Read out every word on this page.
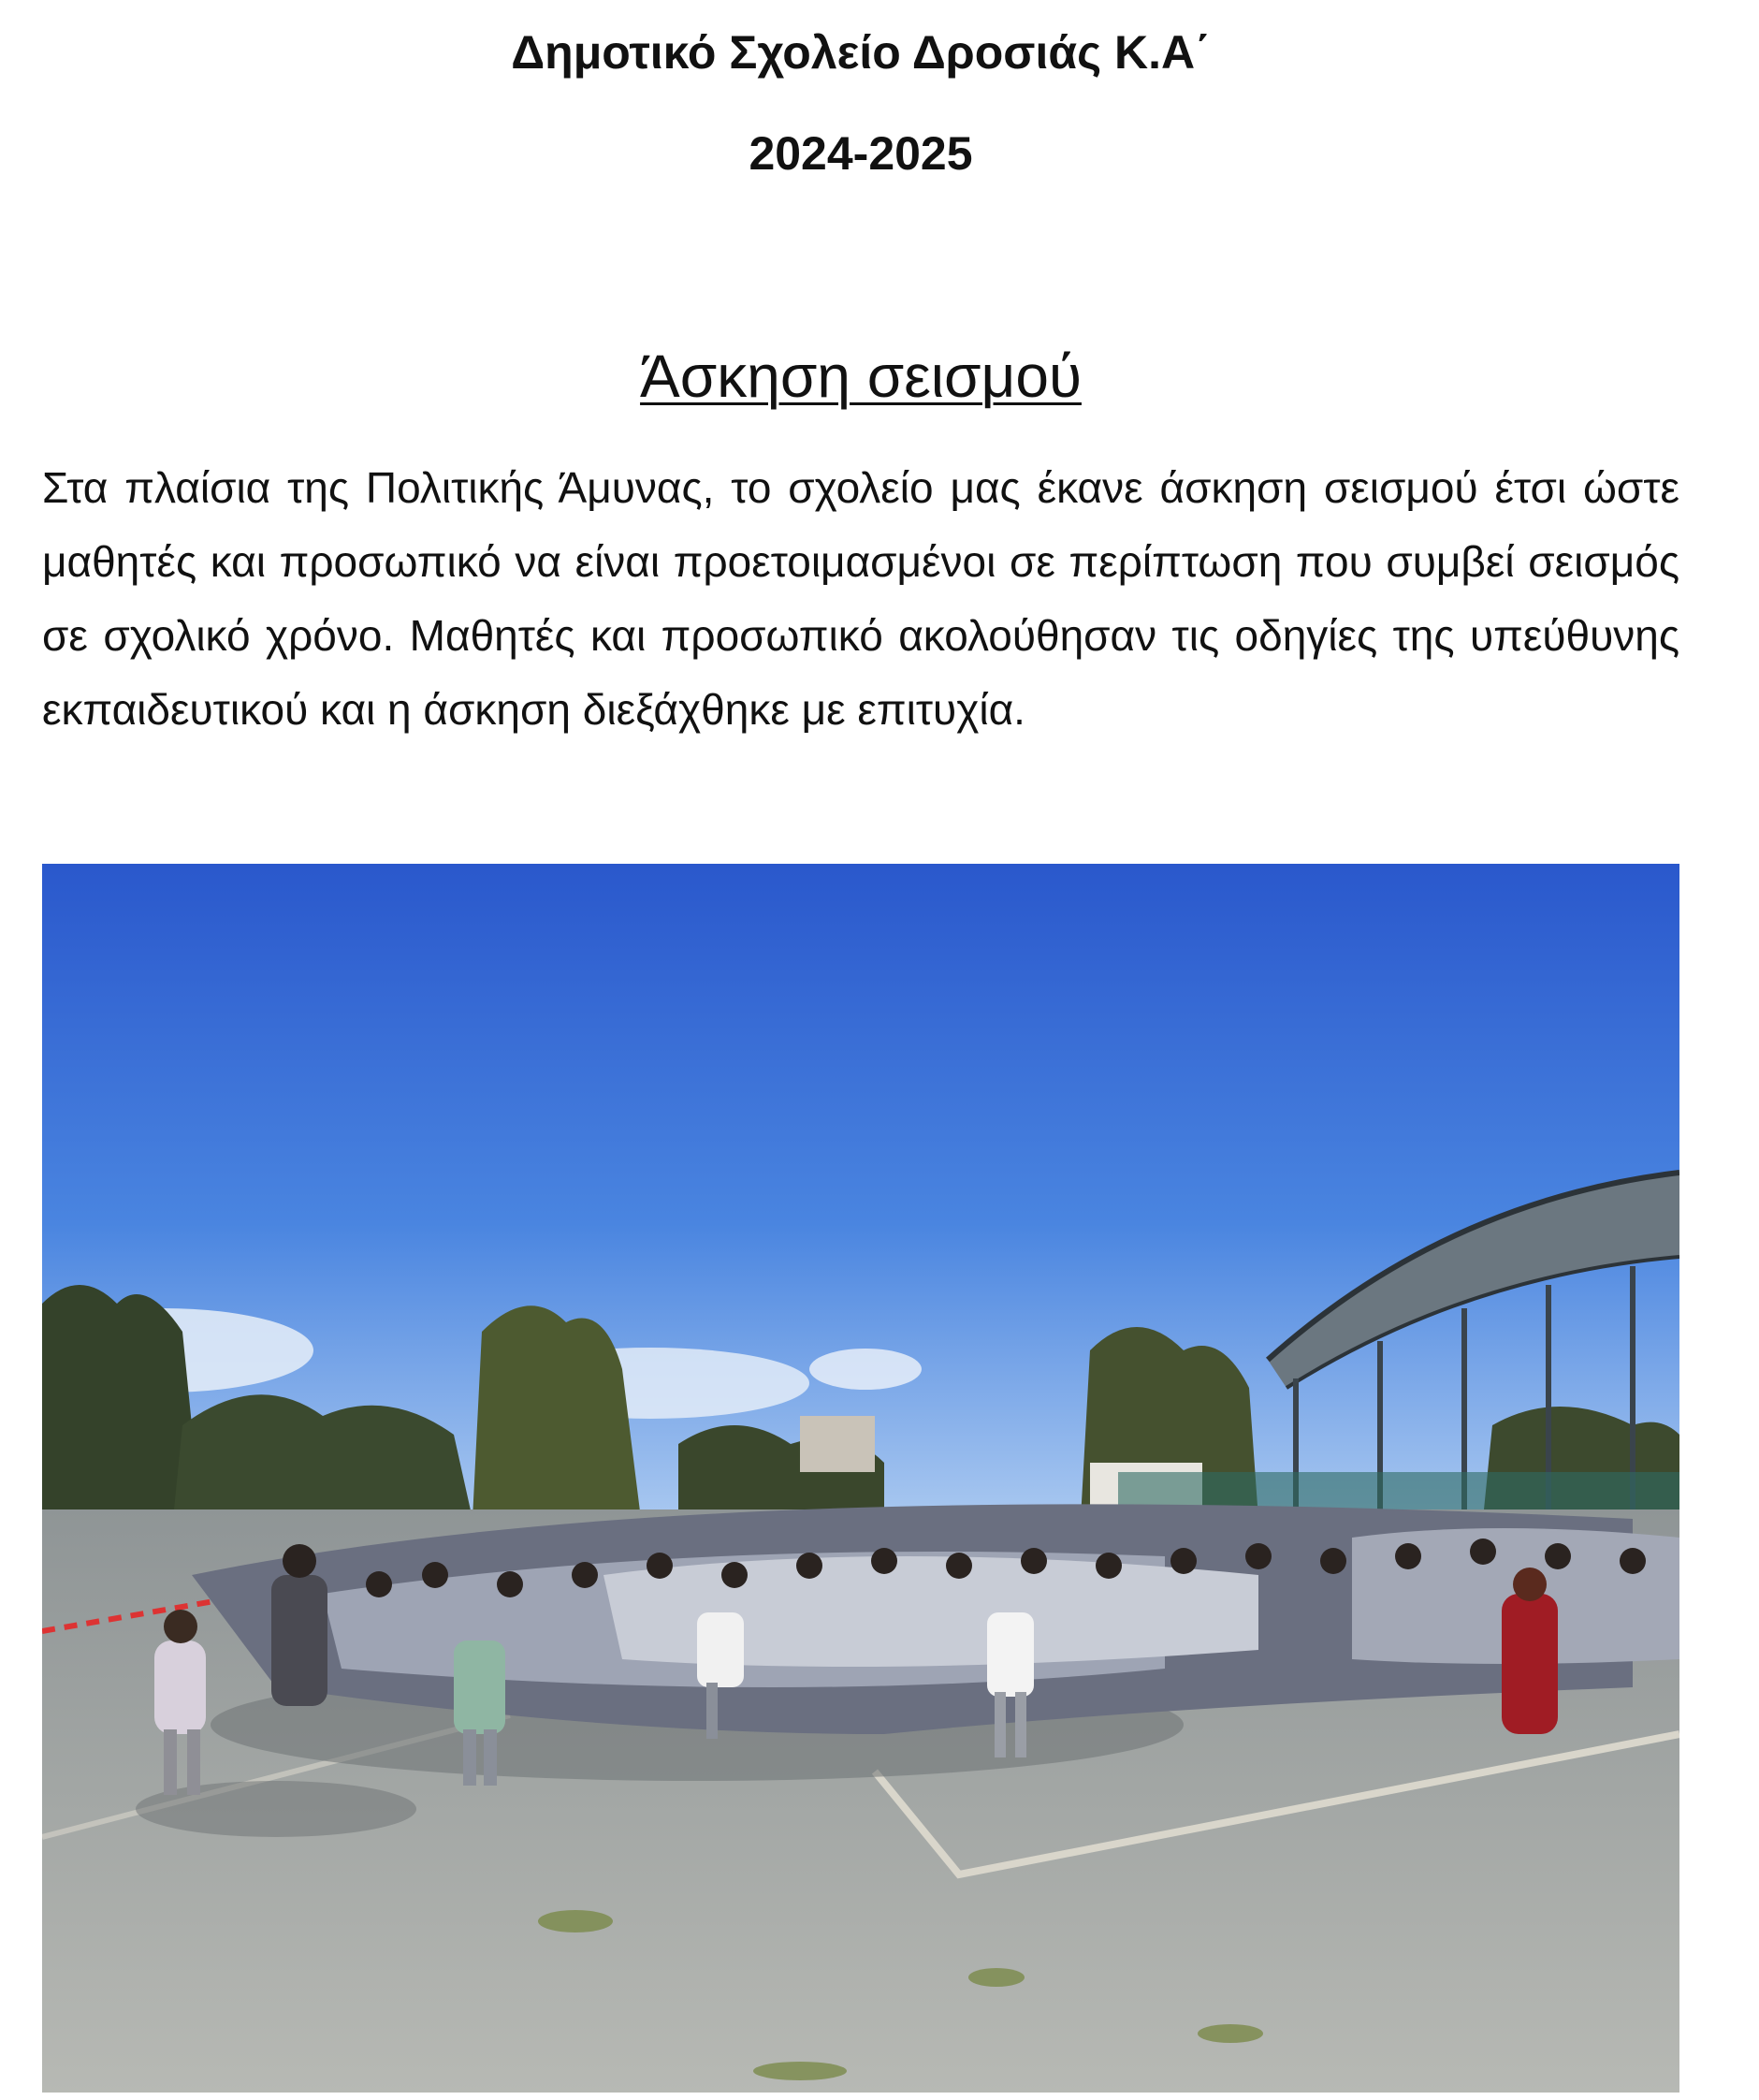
Δημοτικό Σχολείο Δροσιάς Κ.Α΄
2024-2025
Άσκηση σεισμού

Στα πλαίσια της Πολιτικής Άμυνας, το σχολείο μας έκανε άσκηση σεισμού έτσι ώστε μαθητές και προσωπικό να είναι προετοιμασμένοι σε περίπτωση που συμβεί σεισμός σε σχολικό χρόνο. Μαθητές και προσωπικό ακολούθησαν τις οδηγίες της υπεύθυνης εκπαιδευτικού και η άσκηση διεξάχθηκε με επιτυχία.
